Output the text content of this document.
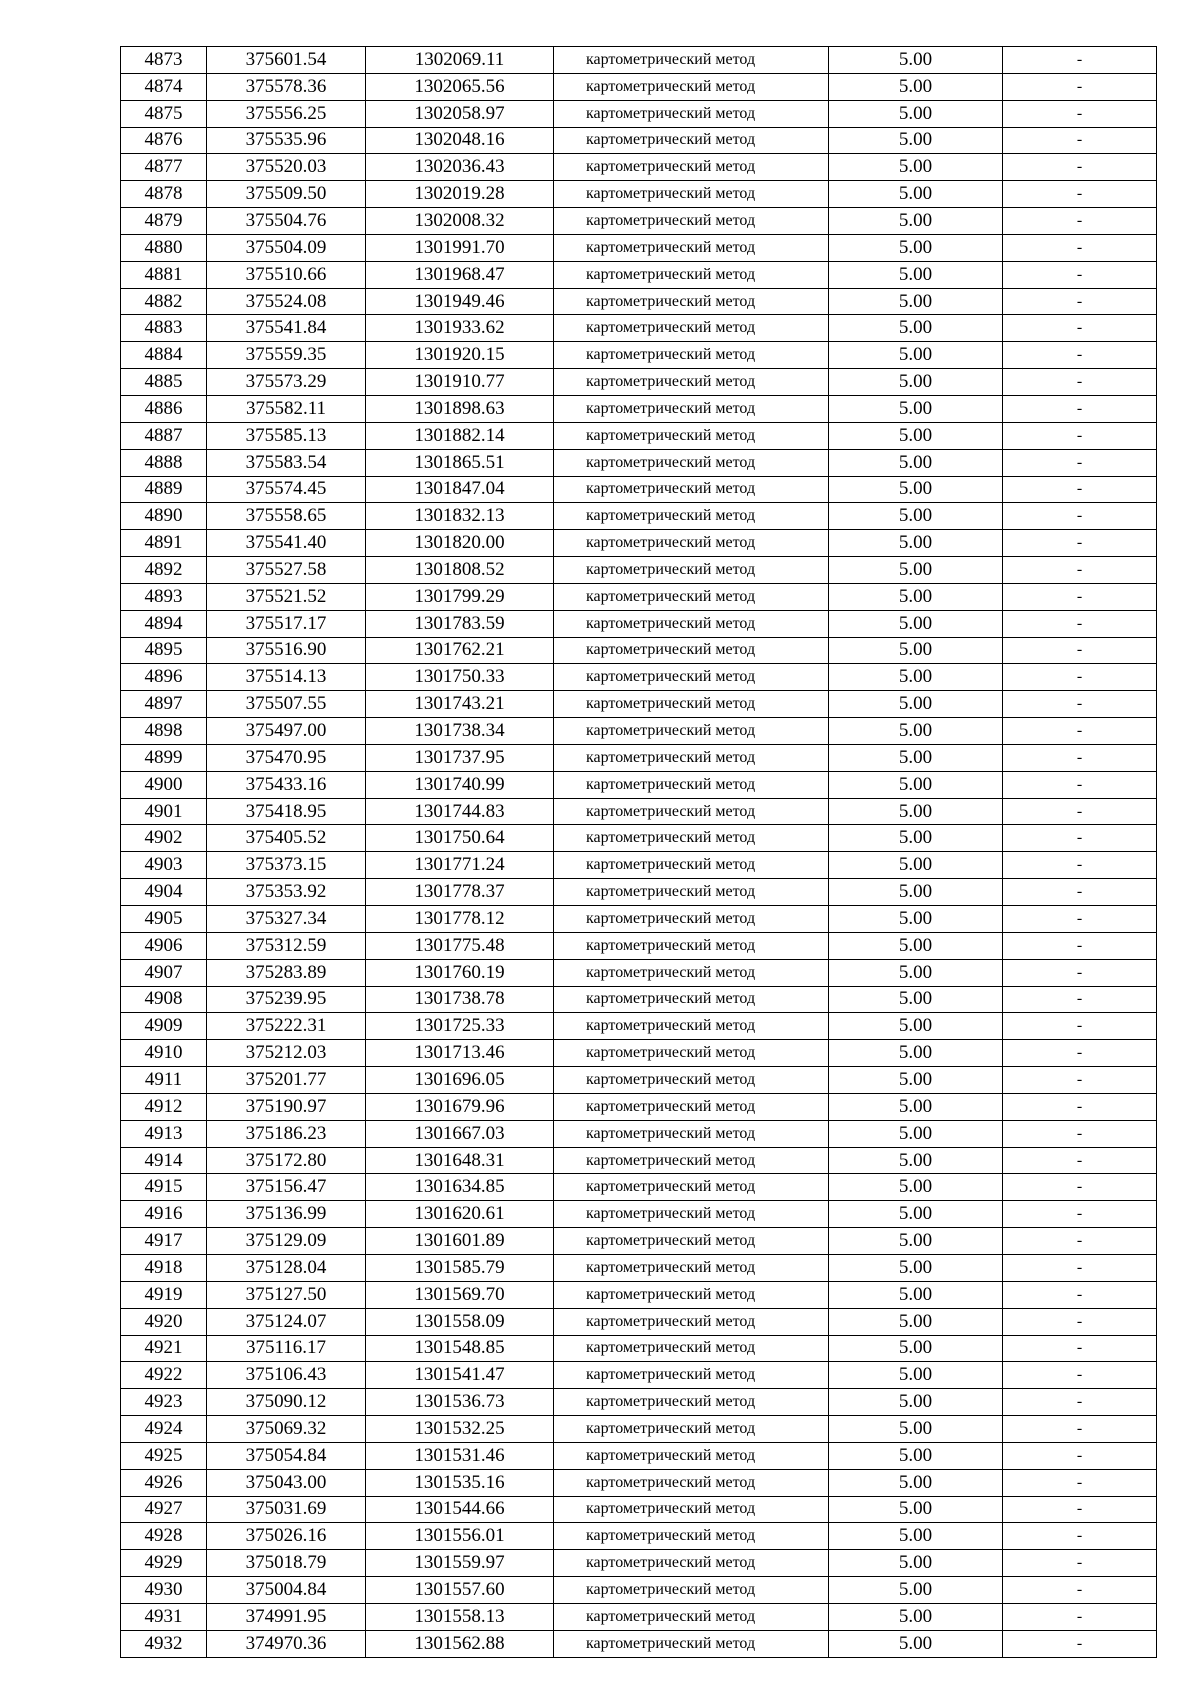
4873	375601.54	1302069.11	картометрический метод	5.00	-
4874	375578.36	1302065.56	картометрический метод	5.00	-
4875	375556.25	1302058.97	картометрический метод	5.00	-
4876	375535.96	1302048.16	картометрический метод	5.00	-
4877	375520.03	1302036.43	картометрический метод	5.00	-
4878	375509.50	1302019.28	картометрический метод	5.00	-
4879	375504.76	1302008.32	картометрический метод	5.00	-
4880	375504.09	1301991.70	картометрический метод	5.00	-
4881	375510.66	1301968.47	картометрический метод	5.00	-
4882	375524.08	1301949.46	картометрический метод	5.00	-
4883	375541.84	1301933.62	картометрический метод	5.00	-
4884	375559.35	1301920.15	картометрический метод	5.00	-
4885	375573.29	1301910.77	картометрический метод	5.00	-
4886	375582.11	1301898.63	картометрический метод	5.00	-
4887	375585.13	1301882.14	картометрический метод	5.00	-
4888	375583.54	1301865.51	картометрический метод	5.00	-
4889	375574.45	1301847.04	картометрический метод	5.00	-
4890	375558.65	1301832.13	картометрический метод	5.00	-
4891	375541.40	1301820.00	картометрический метод	5.00	-
4892	375527.58	1301808.52	картометрический метод	5.00	-
4893	375521.52	1301799.29	картометрический метод	5.00	-
4894	375517.17	1301783.59	картометрический метод	5.00	-
4895	375516.90	1301762.21	картометрический метод	5.00	-
4896	375514.13	1301750.33	картометрический метод	5.00	-
4897	375507.55	1301743.21	картометрический метод	5.00	-
4898	375497.00	1301738.34	картометрический метод	5.00	-
4899	375470.95	1301737.95	картометрический метод	5.00	-
4900	375433.16	1301740.99	картометрический метод	5.00	-
4901	375418.95	1301744.83	картометрический метод	5.00	-
4902	375405.52	1301750.64	картометрический метод	5.00	-
4903	375373.15	1301771.24	картометрический метод	5.00	-
4904	375353.92	1301778.37	картометрический метод	5.00	-
4905	375327.34	1301778.12	картометрический метод	5.00	-
4906	375312.59	1301775.48	картометрический метод	5.00	-
4907	375283.89	1301760.19	картометрический метод	5.00	-
4908	375239.95	1301738.78	картометрический метод	5.00	-
4909	375222.31	1301725.33	картометрический метод	5.00	-
4910	375212.03	1301713.46	картометрический метод	5.00	-
4911	375201.77	1301696.05	картометрический метод	5.00	-
4912	375190.97	1301679.96	картометрический метод	5.00	-
4913	375186.23	1301667.03	картометрический метод	5.00	-
4914	375172.80	1301648.31	картометрический метод	5.00	-
4915	375156.47	1301634.85	картометрический метод	5.00	-
4916	375136.99	1301620.61	картометрический метод	5.00	-
4917	375129.09	1301601.89	картометрический метод	5.00	-
4918	375128.04	1301585.79	картометрический метод	5.00	-
4919	375127.50	1301569.70	картометрический метод	5.00	-
4920	375124.07	1301558.09	картометрический метод	5.00	-
4921	375116.17	1301548.85	картометрический метод	5.00	-
4922	375106.43	1301541.47	картометрический метод	5.00	-
4923	375090.12	1301536.73	картометрический метод	5.00	-
4924	375069.32	1301532.25	картометрический метод	5.00	-
4925	375054.84	1301531.46	картометрический метод	5.00	-
4926	375043.00	1301535.16	картометрический метод	5.00	-
4927	375031.69	1301544.66	картометрический метод	5.00	-
4928	375026.16	1301556.01	картометрический метод	5.00	-
4929	375018.79	1301559.97	картометрический метод	5.00	-
4930	375004.84	1301557.60	картометрический метод	5.00	-
4931	374991.95	1301558.13	картометрический метод	5.00	-
4932	374970.36	1301562.88	картометрический метод	5.00	-
